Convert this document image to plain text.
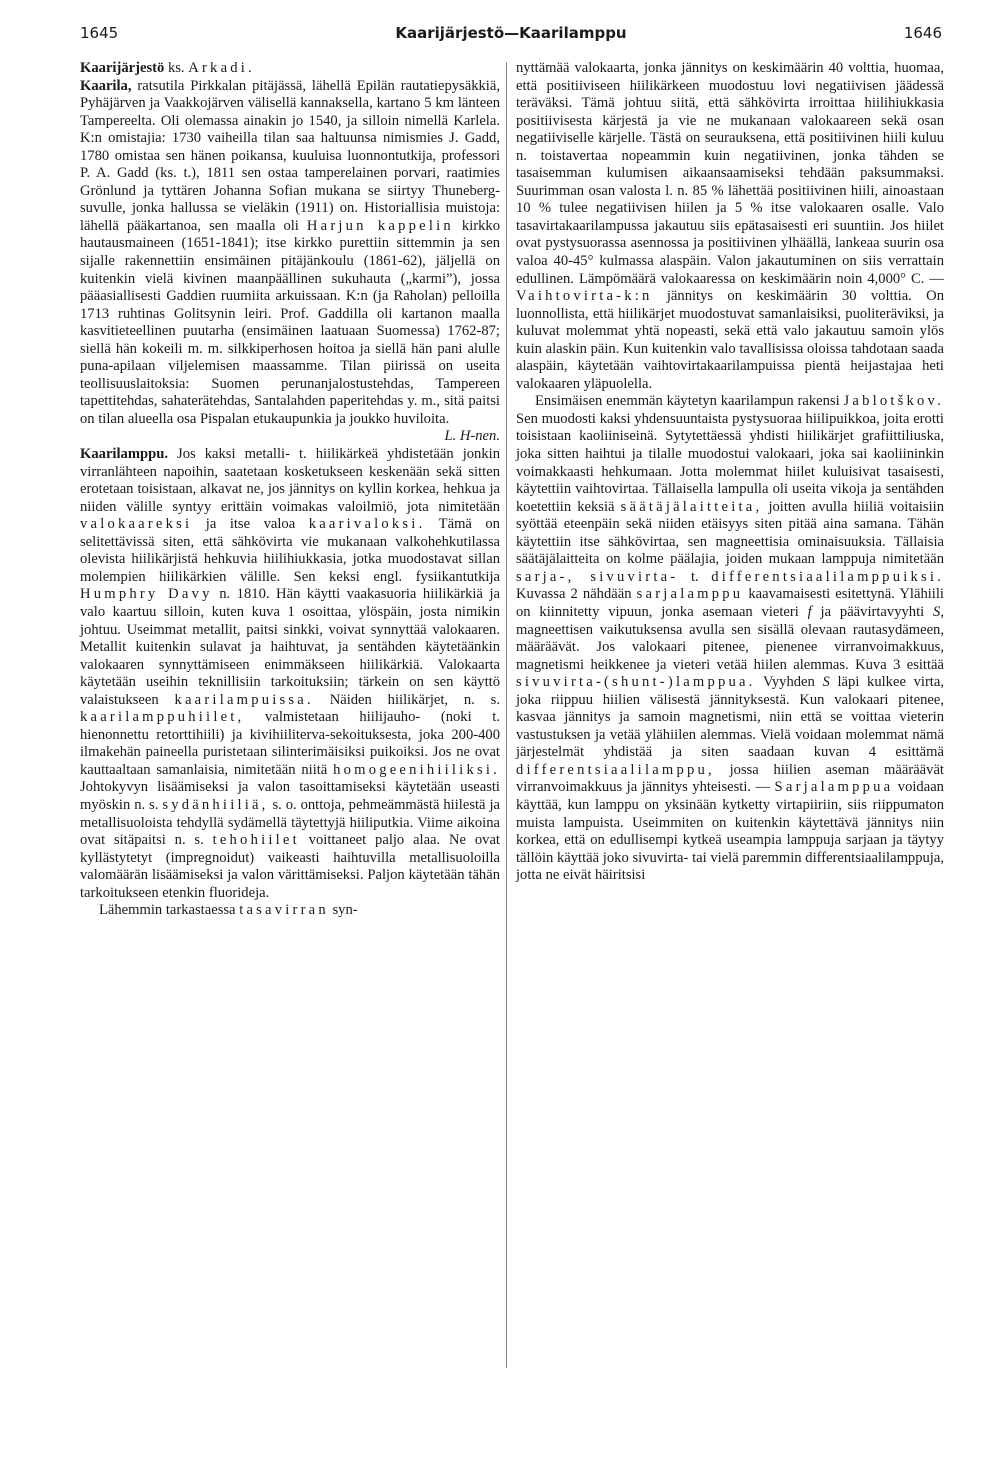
1645	Kaarijärjestö—Kaarilamppu	1646

Kaarijärjestö ks. Arkadi.

Kaarila, ratsutila Pirkkalan pitäjässä, lähellä Epilän rautatiepysäkkiä, Pyhäjärven ja Vaakkojärven välisellä kannaksella, kartano 5 km länteen Tampereelta. Oli olemassa ainakin jo 1540, ja silloin nimellä Karlela. K:n omistajia: 1730 vaiheilla tilan saa haltuunsa nimismies J. Gadd, 1780 omistaa sen hänen poikansa, kuuluisa luonnontutkija, professori P. A. Gadd (ks. t.), 1811 sen ostaa tamperelainen porvari, raatimies Grönlund ja tyttären Johanna Sofian mukana se siirtyy Thuneberg-suvulle, jonka hallussa se vieläkin (1911) on. Historiallisia muistoja: lähellä pääkartanoa, sen maalla oli Harjun kappelin kirkko hautausmaineen (1651-1841); itse kirkko purettiin sittemmin ja sen sijalle rakennettiin ensimäinen pitäjänkoulu (1861-62), jäljellä on kuitenkin vielä kivinen maanpäällinen sukuhauta („karmi”), jossa pääasiallisesti Gaddien ruumiita arkuissaan. K:n (ja Raholan) pelloilla 1713 ruhtinas Golitsynin leiri. Prof. Gaddilla oli kartanon maalla kasvitieteellinen puutarha (ensimäinen laatuaan Suomessa) 1762-87; siellä hän kokeili m. m. silkkiperhosen hoitoa ja siellä hän pani alulle puna-apilaan viljelemisen maassamme. Tilan piirissä on useita teollisuuslaitoksia: Suomen perunanjalostustehdas, Tampereen tapettitehdas, sahaterätehdas, Santalahden paperitehdas y. m., sitä paitsi on tilan alueella osa Pispalan etukaupunkia ja joukko huviloita.
L. H-nen.

Kaarilamppu. Jos kaksi metalli- t. hiilikärkeä yhdistetään jonkin virranlähteen napoihin, saatetaan kosketukseen keskenään sekä sitten erotetaan toisistaan, alkavat ne, jos jännitys on kyllin korkea, hehkua ja niiden välille syntyy erittäin voimakas valoilmiö, jota nimitetään valokaareksi ja itse valoa kaarivaloksi. Tämä on selitettävissä siten, että sähkövirta vie mukanaan valkohehkutilassa olevista hiilikärjistä hehkuvia hiilihiukkasia, jotka muodostavat sillan molempien hiilikärkien välille. Sen keksi engl. fysiikantutkija Humphry Davy n. 1810. Hän käytti vaakasuoria hiilikärkiä ja valo kaartuu silloin, kuten kuva 1 osoittaa, ylöspäin, josta nimikin johtuu. Useimmat metallit, paitsi sinkki, voivat synnyttää valokaaren. Metallit kuitenkin sulavat ja haihtuvat, ja sentähden käytetäänkin valokaaren synnyttämiseen enimmäkseen hiilikärkiä. Valokaarta käytetään useihin teknillisiin tarkoituksiin; tärkein on sen käyttö valaistukseen kaarilampuissa. Näiden hiilikärjet, n. s. kaarilamppuhiilet, valmistetaan hiilijauho- (noki t. hienonnettu retorttihiili) ja kivihiiliterva-sekoituksesta, joka 200-400 ilmakehän paineella puristetaan silinterimäisiksi puikoiksi. Jos ne ovat kauttaaltaan samanlaisia, nimitetään niitä homogeenihiiliksi. Johtokyvyn lisäämiseksi ja valon tasoittamiseksi käytetään useasti myöskin n. s. sydänhiiliä, s. o. onttoja, pehmeämmästä hiilestä ja metallisuoloista tehdyllä sydämellä täytettyjä hiiliputkia. Viime aikoina ovat sitäpaitsi n. s. tehohiilet voittaneet paljo alaa. Ne ovat kyllästytetyt (impregnoidut) vaikeasti haihtuvilla metallisuoloilla valomäärän lisäämiseksi ja valon värittämiseksi. Paljon käytetään tähän tarkoitukseen etenkin fluorideja.

Lähemmin tarkastaessa tasavirran syn-

nyttämää valokaarta, jonka jännitys on keskimäärin 40 volttia, huomaa, että positiiviseen hiilikärkeen muodostuu lovi negatiivisen jäädessä teräväksi. Tämä johtuu siitä, että sähkövirta irroittaa hiilihiukkasia positiivisesta kärjestä ja vie ne mukanaan valokaareen sekä osan negatiiviselle kärjelle. Tästä on seurauksena, että positiivinen hiili kuluu n. toistavertaa nopeammin kuin negatiivinen, jonka tähden se tasaisemman kulumisen aikaansaamiseksi tehdään paksummaksi. Suurimman osan valosta l. n. 85 % lähettää positiivinen hiili, ainoastaan 10 % tulee negatiivisen hiilen ja 5 % itse valokaaren osalle. Valo tasavirtakaarilampussa jakautuu siis epätasaisesti eri suuntiin. Jos hiilet ovat pystysuorassa asennossa ja positiivinen ylhäällä, lankeaa suurin osa valoa 40-45° kulmassa alaspäin. Valon jakautuminen on siis verrattain edullinen. Lämpömäärä valokaaressa on keskimäärin noin 4,000° C. — Vaihtovirta-k:n jännitys on keskimäärin 30 volttia. On luonnollista, että hiilikärjet muodostuvat samanlaisiksi, puoliteräviksi, ja kuluvat molemmat yhtä nopeasti, sekä että valo jakautuu samoin ylös kuin alaskin päin. Kun kuitenkin valo tavallisissa oloissa tahdotaan saada alaspäin, käytetään vaihtovirtakaarilampuissa pientä heijastajaa heti valokaaren yläpuolella.

Ensimäisen enemmän käytetyn kaarilampun rakensi Jablotškov. Sen muodosti kaksi yhdensuuntaista pystysuoraa hiilipuikkoa, joita erotti toisistaan kaoliiniseinä. Sytytettäessä yhdisti hiilikärjet grafiittiliuska, joka sitten haihtui ja tilalle muodostui valokaari, joka sai kaoliininkin voimakkaasti hehkumaan. Jotta molemmat hiilet kuluisivat tasaisesti, käytettiin vaihtovirtaa. Tällaisella lampulla oli useita vikoja ja sentähden koetettiin keksiä säätäjälaitteita, joitten avulla hiiliä voitaisiin syöttää eteenpäin sekä niiden etäisyys siten pitää aina samana. Tähän käytettiin itse sähkövirtaa, sen magneettisia ominaisuuksia. Tällaisia säätäjälaitteita on kolme päälajia, joiden mukaan lamppuja nimitetään sarja-, sivuvirta- t. differentsiaalilamppuiksi. Kuvassa 2 nähdään sarjalamppu kaavamaisesti esitettynä. Ylähiili on kiinnitetty vipuun, jonka asemaan vieteri f ja päävirtavyyhti S, magneettisen vaikutuksensa avulla sen sisällä olevaan rautasydämeen, määräävät. Jos valokaari pitenee, pienenee virranvoimakkuus, magnetismi heikkenee ja vieteri vetää hiilen alemmas. Kuva 3 esittää sivuvirta-(shunt-)lamppua. Vyyhden S läpi kulkee virta, joka riippuu hiilien välisestä jännityksestä. Kun valokaari pitenee, kasvaa jännitys ja samoin magnetismi, niin että se voittaa vieterin vastustuksen ja vetää ylähiilen alemmas. Vielä voidaan molemmat nämä järjestelmät yhdistää ja siten saadaan kuvan 4 esittämä differentsiaalilamppu, jossa hiilien aseman määräävät virranvoimakkuus ja jännitys yhteisesti. — Sarjalamppua voidaan käyttää, kun lamppu on yksinään kytketty virtapiiriin, siis riippumaton muista lampuista. Useimmiten on kuitenkin käytettävä jännitys niin korkea, että on edullisempi kytkeä useampia lamppuja sarjaan ja täytyy tällöin käyttää joko sivuvirta- tai vielä paremmin differentsiaalilamppuja, jotta ne eivät häiritsisi
